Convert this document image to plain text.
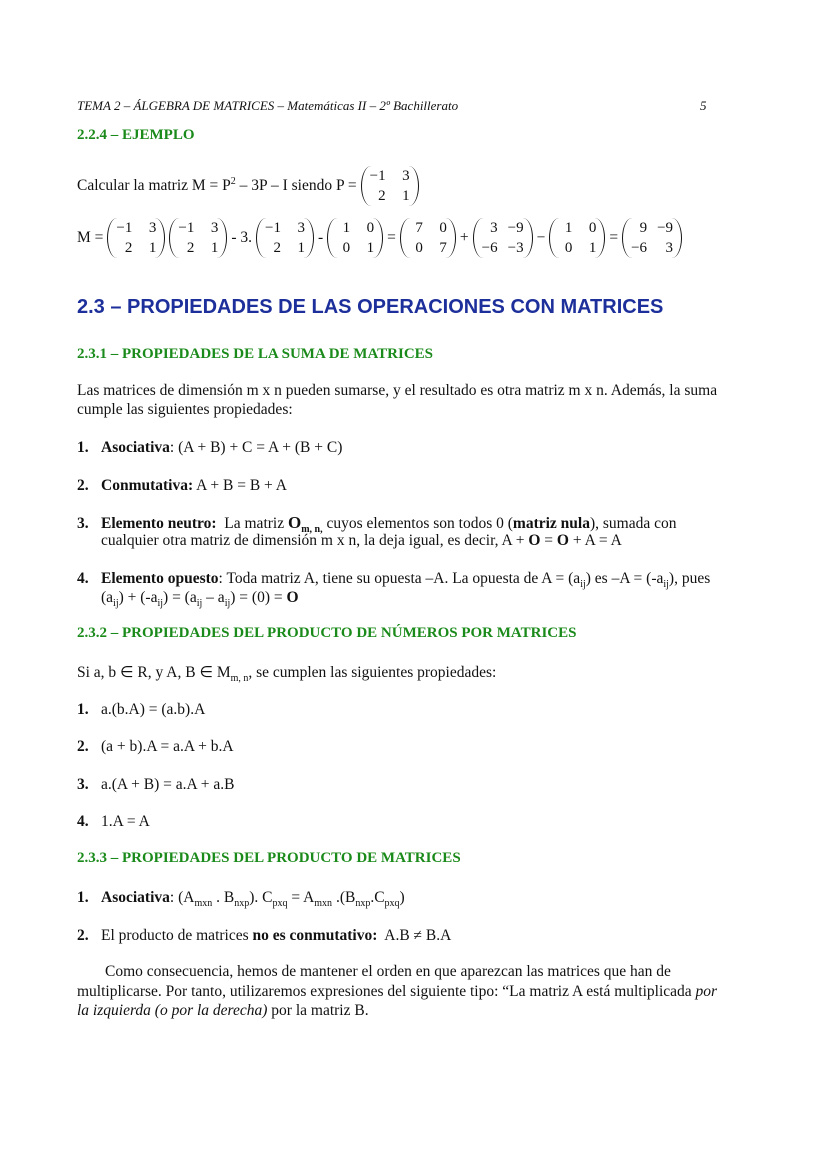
TEMA 2 – ÁLGEBRA DE MATRICES – Matemáticas II – 2º Bachillerato	5
2.2.4 – EJEMPLO
Calcular la matriz $M = P^2 - 3P - I$ siendo P =
−1	3
2	1
M =
−1	3
2	1
−1	3
2	1
- 3.
−1	3
2	1
-
1	0
0	1
=
7	0
0	7
+
3 −9
−6 −3
−
1	0
0	1
=
9 −9
−6	3
2.3 – PROPIEDADES DE LAS OPERACIONES CON MATRICES
2.3.1 – PROPIEDADES DE LA SUMA DE MATRICES
Las matrices de dimensión m x n pueden sumarse, y el resultado es otra matriz m x n. Además, la suma
cumple las siguientes propiedades:
1. Asociativa: (A + B) + C = A + (B + C)
2. Conmutativa: A + B = B + A
3. Elemento neutro:  La matriz $O_{m, n,}$ cuyos elementos son todos 0 (matriz nula), sumada con
cualquier otra matriz de dimensión m x n, la deja igual, es decir, A + O = O + A = A
4. Elemento opuesto: Toda matriz A, tiene su opuesta –A. La opuesta de $A = (a_{ij})$ es $-A = (-a_{ij})$, pues
$(a_{ij}) + (-a_{ij}) = (a_{ij} - a_{ij}) = (0) = O$
2.3.2 – PROPIEDADES DEL PRODUCTO DE NÚMEROS POR MATRICES
Si a, b ∈ R, y A, B ∈ $M_{m, n}$, se cumplen las siguientes propiedades:
1. a.(b.A) = (a.b).A
2. (a + b).A = a.A + b.A
3. a.(A + B) = a.A + a.B
4. 1.A = A
2.3.3 – PROPIEDADES DEL PRODUCTO DE MATRICES
1. Asociativa: ($A_{mxn}$ . $B_{nxp}$). $C_{pxq} = A_{mxn}$ $.(B_{nxp}.C_{pxq})$
2. El producto de matrices no es conmutativo:  A.B ≠ B.A
Como consecuencia, hemos de mantener el orden en que aparezcan las matrices que han de
multiplicarse. Por tanto, utilizaremos expresiones del siguiente tipo: “La matriz A está multiplicada por
la izquierda (o por la derecha) por la matriz B.
